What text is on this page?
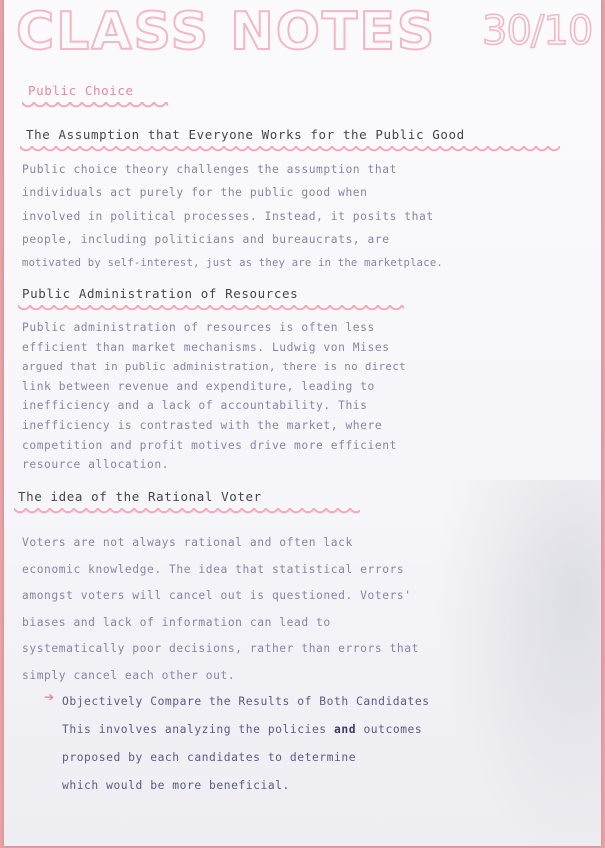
CLASS NOTES 30/10
Public Choice
The Assumption that Everyone Works for the Public Good
Public choice theory challenges the assumption that
individuals act purely for the public good when
involved in political processes. Instead, it posits that
people, including politicians and bureaucrats, are
motivated by self-interest, just as they are in the marketplace.
Public Administration of Resources
Public administration of resources is often less
efficient than market mechanisms. Ludwig von Mises
argued that in public administration, there is no direct
link between revenue and expenditure, leading to
inefficiency and a lack of accountability. This
inefficiency is contrasted with the market, where
competition and profit motives drive more efficient
resource allocation.
The idea of the Rational Voter
Voters are not always rational and often lack
economic knowledge. The idea that statistical errors
amongst voters will cancel out is questioned. Voters'
biases and lack of information can lead to
systematically poor decisions, rather than errors that
simply cancel each other out.
➔ Objectively Compare the Results of Both Candidates
This involves analyzing the policies and outcomes
proposed by each candidates to determine
which would be more beneficial.
